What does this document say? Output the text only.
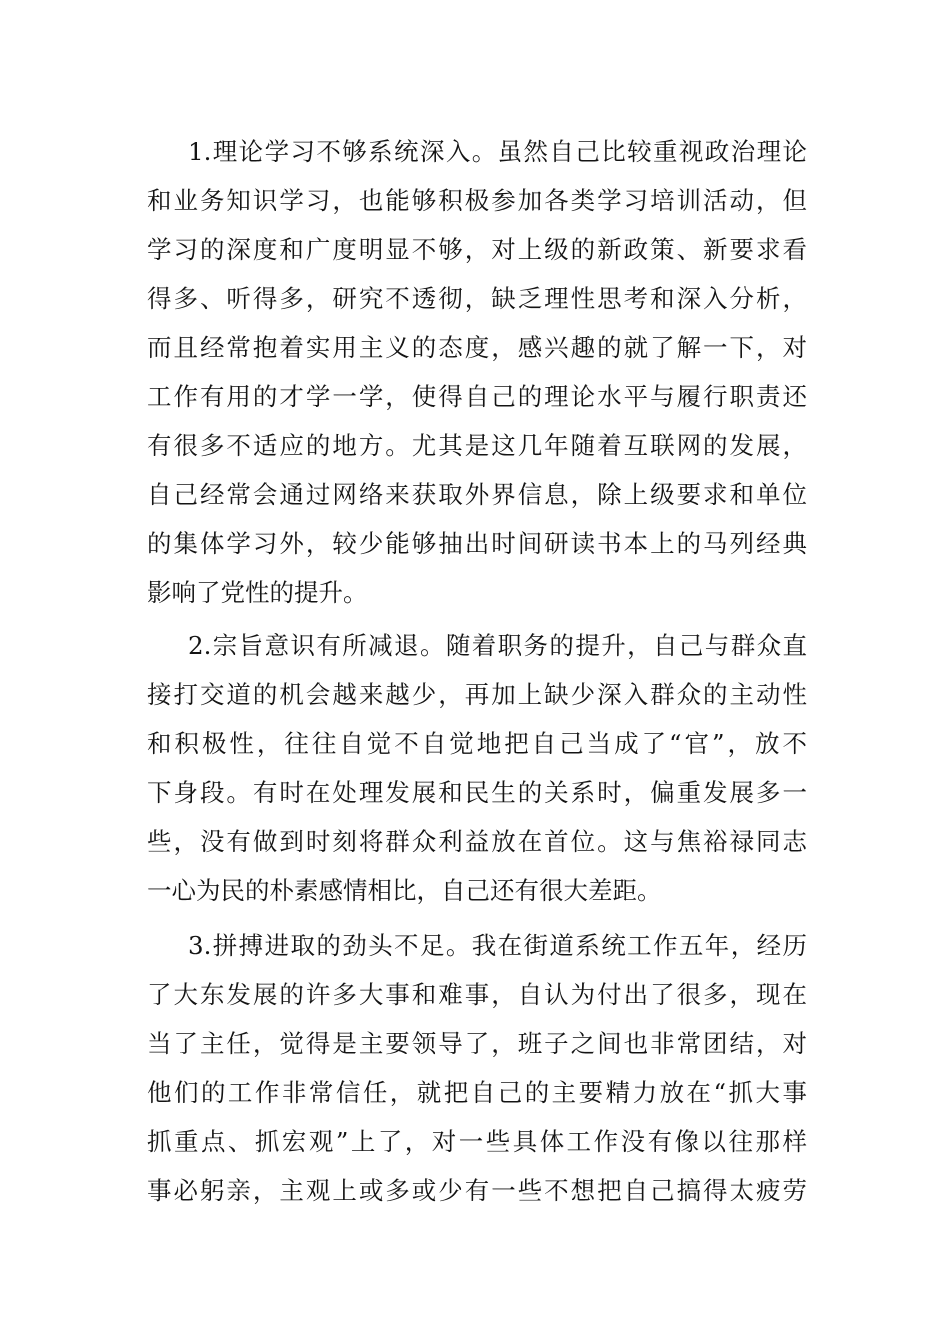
1.理论学习不够系统深入。虽然自己比较重视政治理论
和业务知识学习，也能够积极参加各类学习培训活动，但
学习的深度和广度明显不够，对上级的新政策、新要求看
得多、听得多，研究不透彻，缺乏理性思考和深入分析，
而且经常抱着实用主义的态度，感兴趣的就了解一下，对
工作有用的才学一学，使得自己的理论水平与履行职责还
有很多不适应的地方。尤其是这几年随着互联网的发展，
自己经常会通过网络来获取外界信息，除上级要求和单位
的集体学习外，较少能够抽出时间研读书本上的马列经典
影响了党性的提升。
2.宗旨意识有所减退。随着职务的提升，自己与群众直
接打交道的机会越来越少，再加上缺少深入群众的主动性
和积极性，往往自觉不自觉地把自己当成了“官”，放不
下身段。有时在处理发展和民生的关系时，偏重发展多一
些，没有做到时刻将群众利益放在首位。这与焦裕禄同志
一心为民的朴素感情相比，自己还有很大差距。
3.拼搏进取的劲头不足。我在街道系统工作五年，经历
了大东发展的许多大事和难事，自认为付出了很多，现在
当了主任，觉得是主要领导了，班子之间也非常团结，对
他们的工作非常信任，就把自己的主要精力放在“抓大事
抓重点、抓宏观”上了，对一些具体工作没有像以往那样
事必躬亲，主观上或多或少有一些不想把自己搞得太疲劳
